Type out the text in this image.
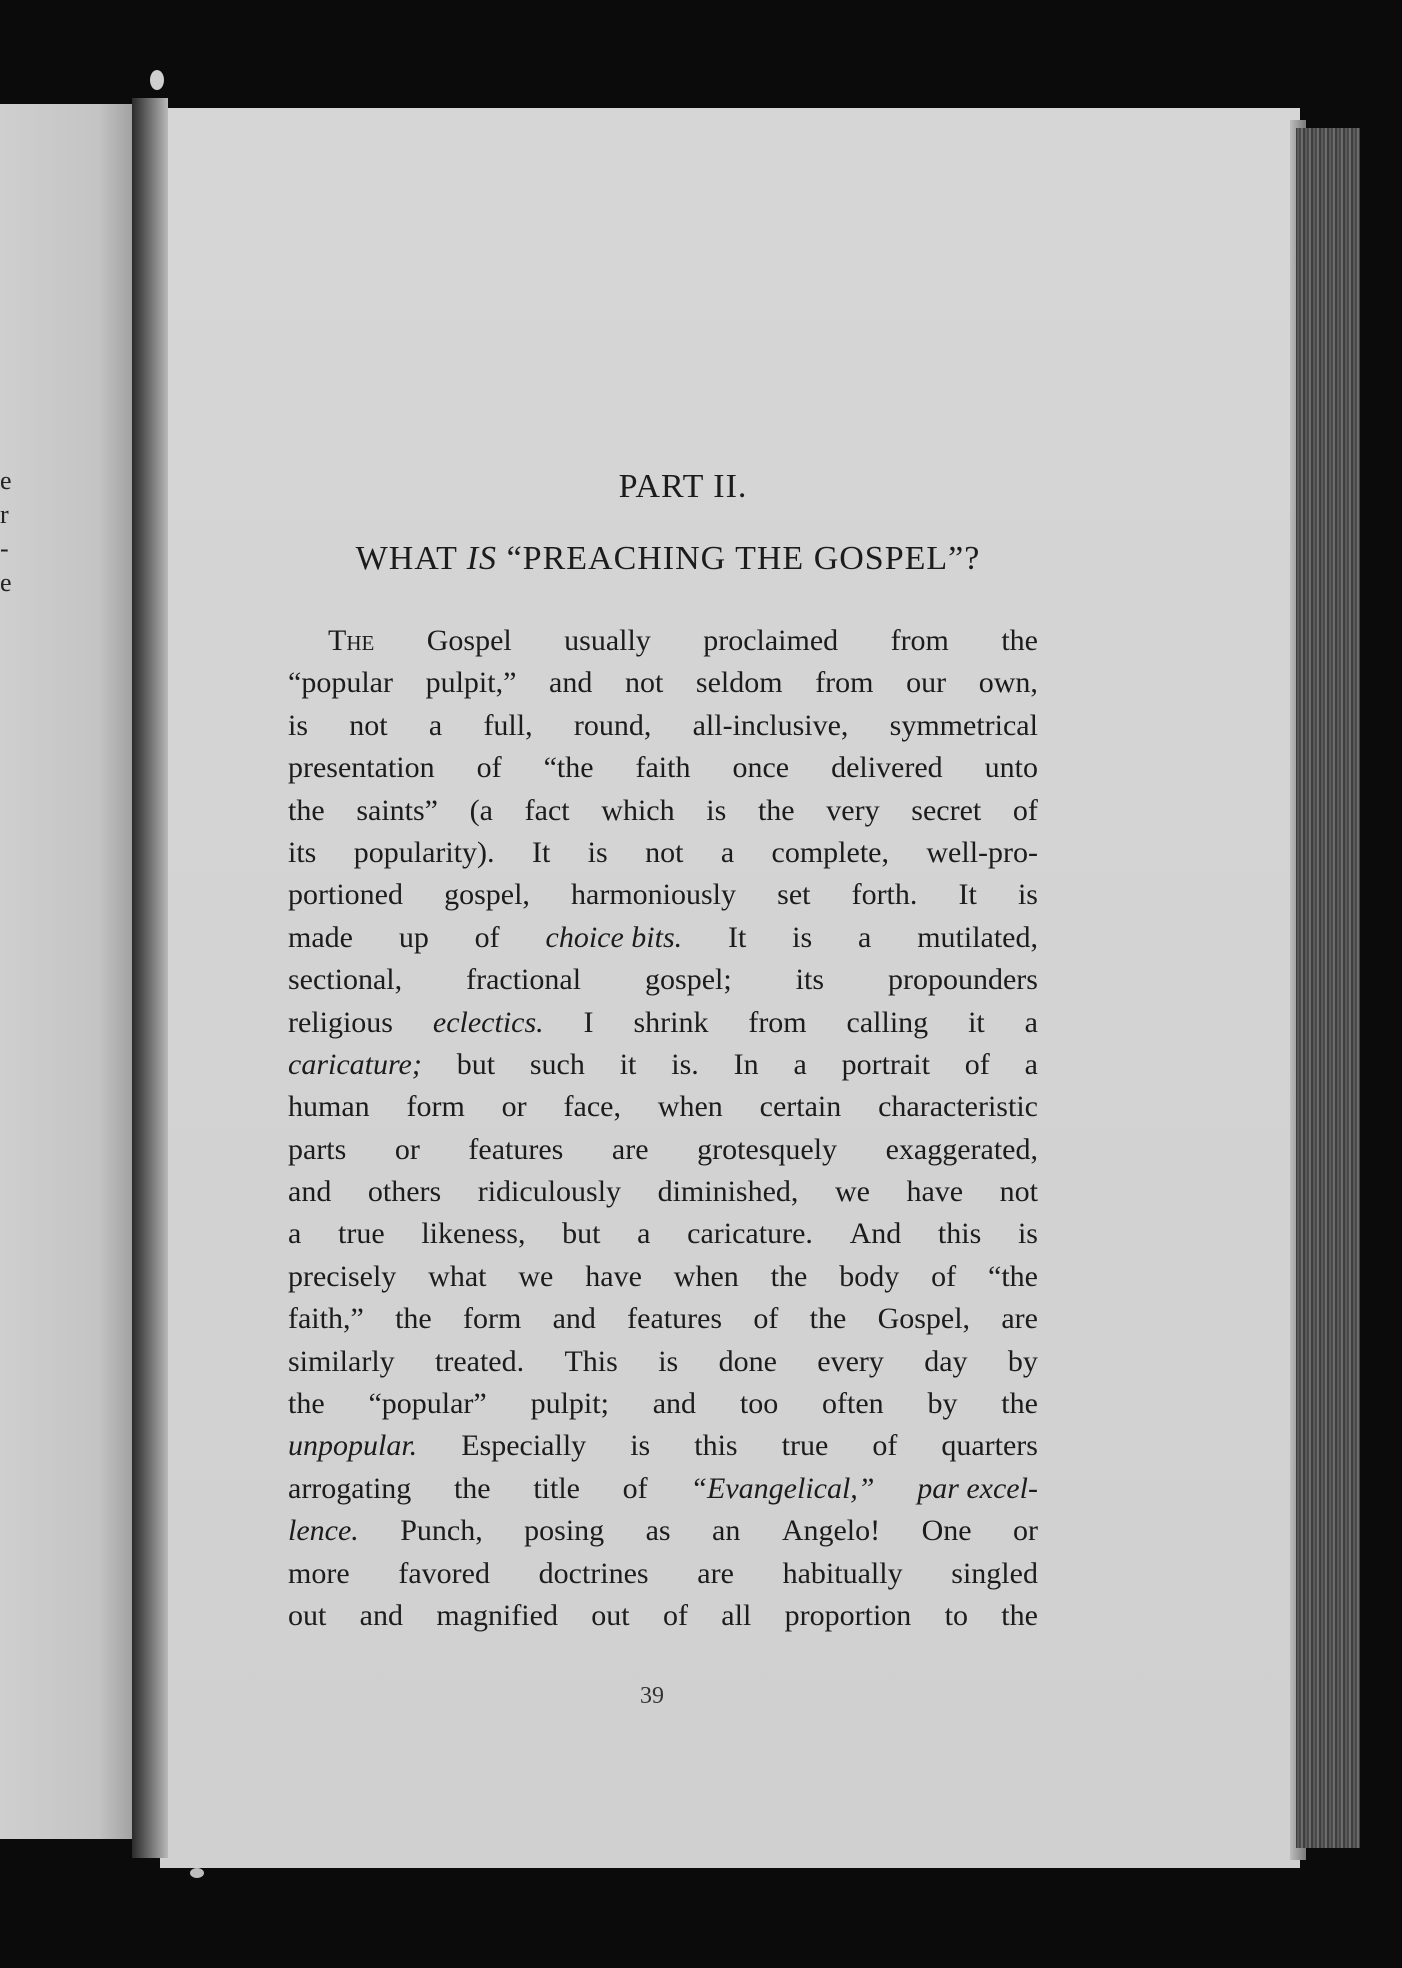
e
r
-
e
PART II.
WHAT IS “PREACHING THE GOSPEL”?
The Gospel usually proclaimed from the
“popular pulpit,” and not seldom from our own,
is not a full, round, all-inclusive, symmetrical
presentation of “the faith once delivered unto
the saints” (a fact which is the very secret of
its popularity). It is not a complete, well-pro-
portioned gospel, harmoniously set forth. It is
made up of choice bits. It is a mutilated,
sectional, fractional gospel; its propounders
religious eclectics. I shrink from calling it a
caricature; but such it is. In a portrait of a
human form or face, when certain characteristic
parts or features are grotesquely exaggerated,
and others ridiculously diminished, we have not
a true likeness, but a caricature. And this is
precisely what we have when the body of “the
faith,” the form and features of the Gospel, are
similarly treated. This is done every day by
the “popular” pulpit; and too often by the
unpopular. Especially is this true of quarters
arrogating the title of “Evangelical,” par excel-
lence. Punch, posing as an Angelo! One or
more favored doctrines are habitually singled
out and magnified out of all proportion to the
39
